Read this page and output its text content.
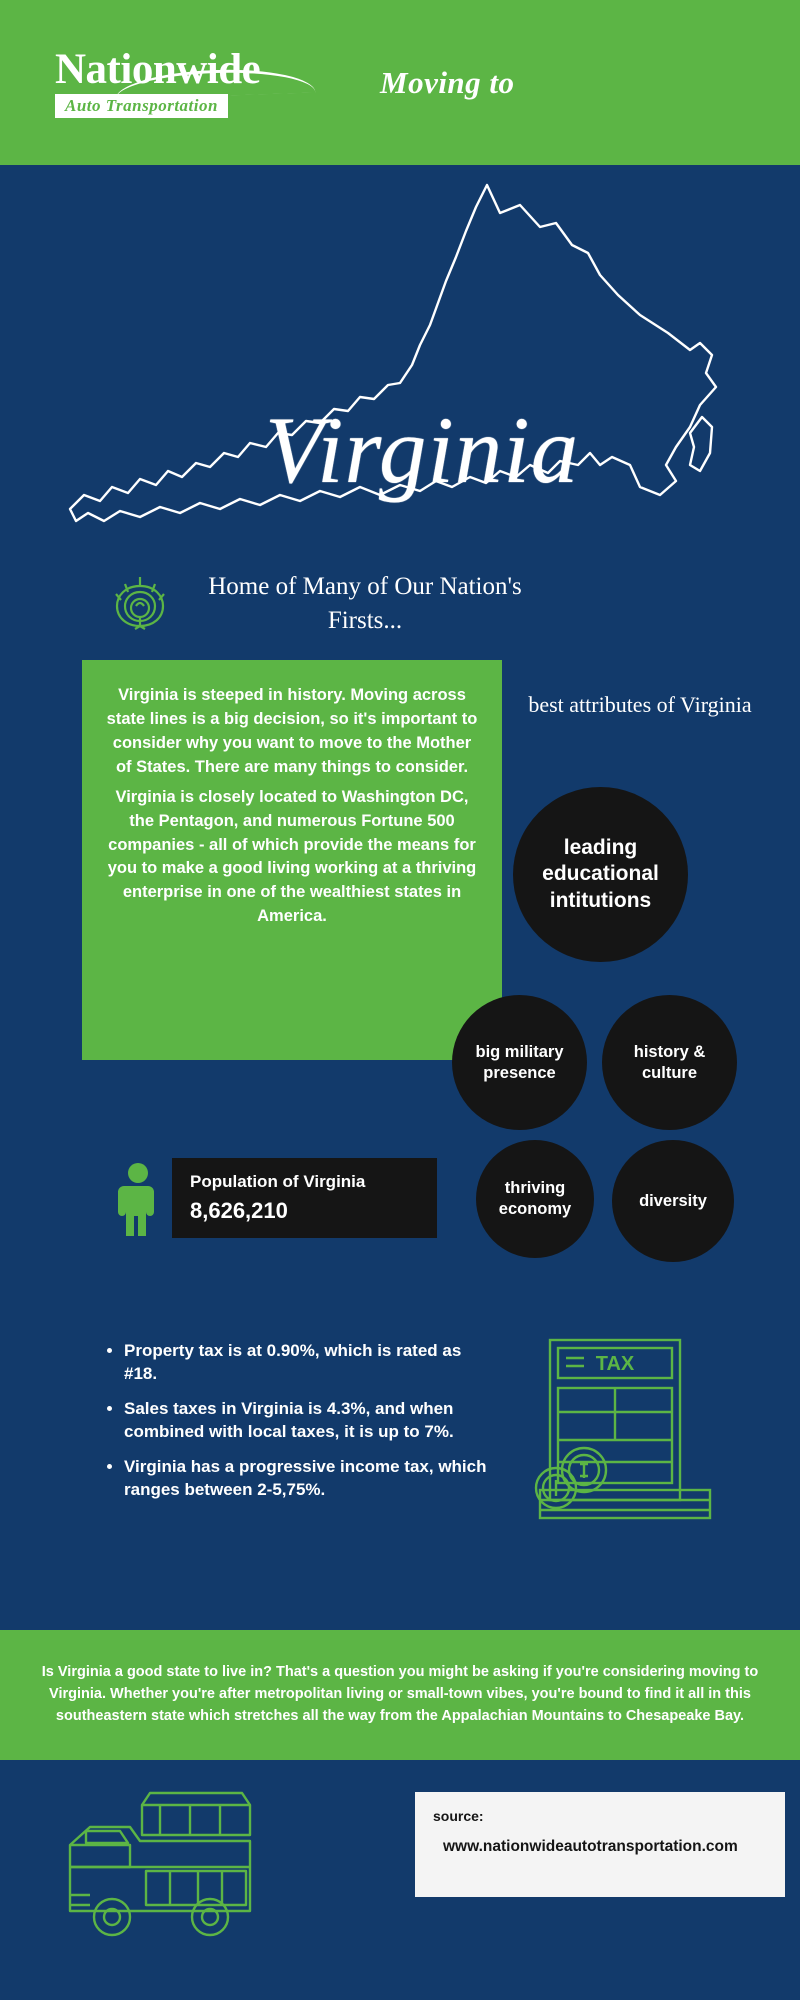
Nationwide
Auto Transportation
Moving to
Virginia
Home of Many of Our Nation's Firsts...

Virginia is steeped in history. Moving across state lines is a big decision, so it's important to consider why you want to move to the Mother of States. There are many things to consider.

Virginia is closely located to Washington DC, the Pentagon, and numerous Fortune 500 companies - all of which provide the means for you to make a good living working at a thriving enterprise in one of the wealthiest states in America.

best attributes of Virginia
leading educational intitutions
big military presence
history & culture
thriving economy	diversity
Population of Virginia
8,626,210
• Property tax is at 0.90%, which is rated as #18.
• Sales taxes in Virginia is 4.3%, and when combined with local taxes, it is up to 7%.
• Virginia has a progressive income tax, which ranges between 2-5,75%.
TAX
Is Virginia a good state to live in? That's a question you might be asking if you're considering moving to Virginia. Whether you're after metropolitan living or small-town vibes, you're bound to find it all in this southeastern state which stretches all the way from the Appalachian Mountains to Chesapeake Bay.
source:
www.nationwideautotransportation.com
